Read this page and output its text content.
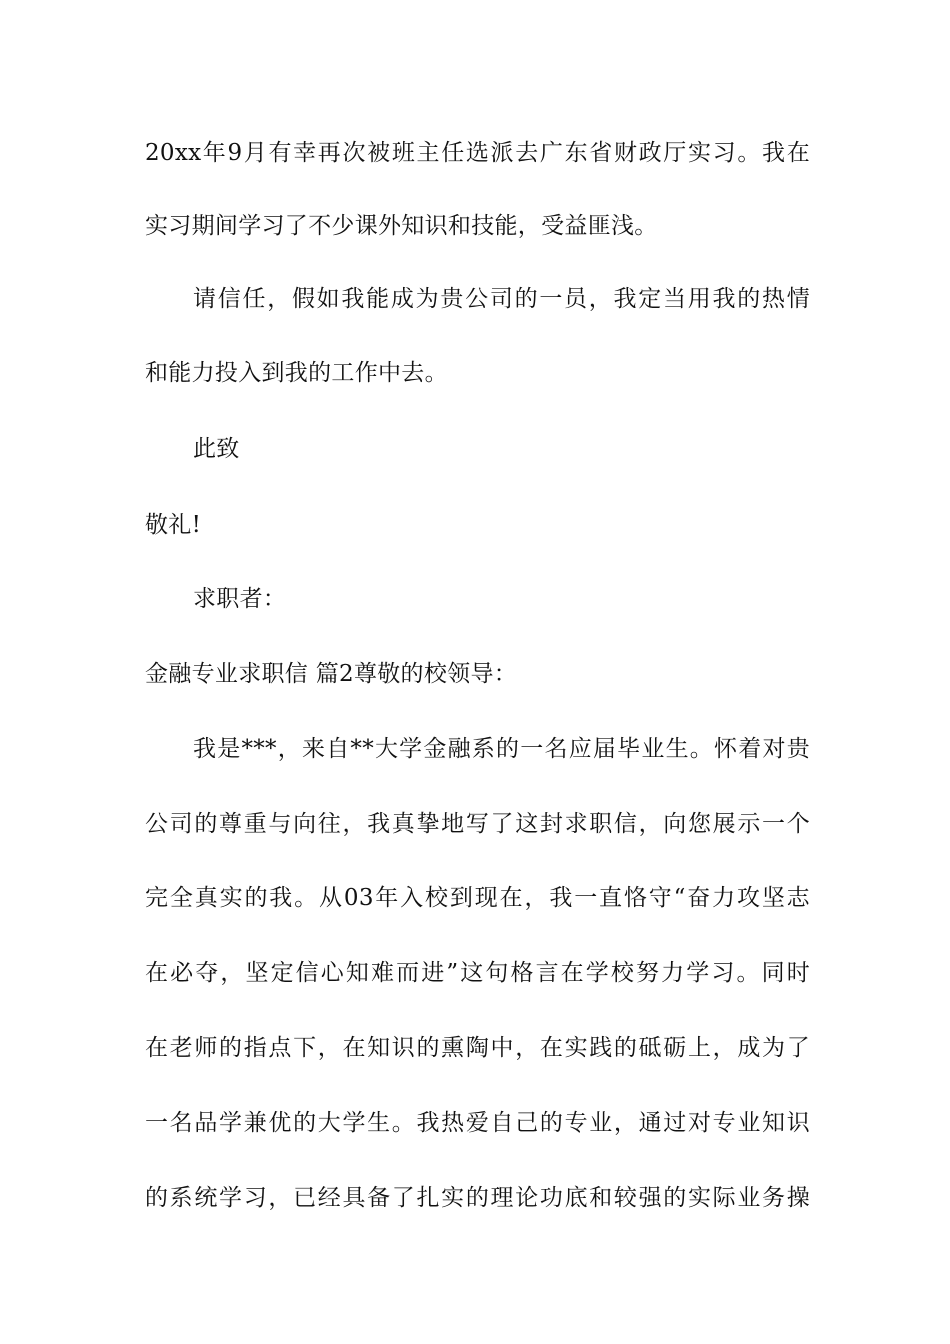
20xx年9月有幸再次被班主任选派去广东省财政厅实习。我在
实习期间学习了不少课外知识和技能，受益匪浅。
请信任，假如我能成为贵公司的一员，我定当用我的热情
和能力投入到我的工作中去。
此致
敬礼!
求职者：
金融专业求职信 篇2尊敬的校领导：
我是***，来自**大学金融系的一名应届毕业生。怀着对贵
公司的尊重与向往，我真挚地写了这封求职信，向您展示一个
完全真实的我。从03年入校到现在，我一直恪守“奋力攻坚志
在必夺，坚定信心知难而进”这句格言在学校努力学习。同时
在老师的指点下，在知识的熏陶中，在实践的砥砺上，成为了
一名品学兼优的大学生。我热爱自己的专业，通过对专业知识
的系统学习，已经具备了扎实的理论功底和较强的实际业务操
